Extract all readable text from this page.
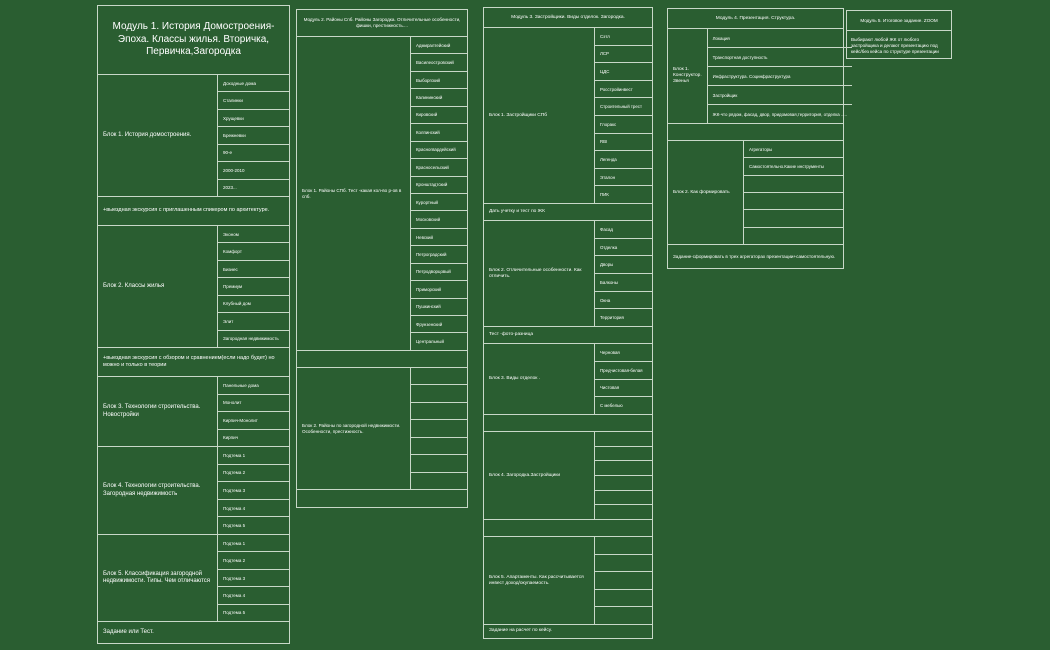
Модуль 1. История Домостроения-Эпоха. Классы жилья. Вторичка, Первичка,Загородка
Блок 1. История домостроения.
Доходные дома
Сталинки
Хрущевки
Брежневки
90-е
2000-2010
2023...
+выездная экскурсия с приглашенным спикером по архитектуре.
Блок 2. Классы жилья
Эконом
Комфорт
Бизнес
Премиум
Клубный дом
Элит
Загородная недвижимость
+выездная экскурсия с обзором и сравнением(если надо будет) но можно и только в теории
Блок 3. Технологии строительства. Новостройки
Панельные дома
Монолит
Кирпич-Монолит
Кирпич
Блок 4. Технологии строительства. Загородная недвижимость
Подтема 1
Подтема 2
Подтема 3
Подтема 4
Подтема 5
Блок 5. Классификация загородной недвижимости. Типы. Чем отличаются
Подтема 1
Подтема 2
Подтема 3
Подтема 4
Подтема 5
Задание или Тест.
Модуль 2. Районы Спб. Районы Загородка. Отличительные особенности, фишки, престижность....
Блок 1. Районы СПб. Тест -какая кол-во р-ов в спб.
Адмиралтейский
Василеостровский
Выборгский
Калининский
Кировский
Колпинский
Красногвардейский
Красносельский
Кронштадтский
Курортный
Московский
Невский
Петроградский
Петродворцовый
Приморский
Пушкинский
Фрунзенский
Центральный
Блок 2. Районы по загородной недвижимости. Особенности, престижность.
Модуль 3. Застройщики. Виды отделок. Загородка.
Блок 1. Застройщики СПб
Сэтл
ЛСР
ЦДС
Росстройинвест
Строительный трест
Глоракс
RBI
Легенда
Эталон
ПИК
Дать учетку и тест по ЖК
Блок 2. Отличительные особенности. Как отличить.
Фасад
Отделка
Дворы
Балконы
Окна
Территория
Тест -фото-разница
Блок 3. Виды отделок .
Черновая
Предчистовая-белая
Чистовая
С мебелью
Блок 4. Загородка.Застройщики
Блок 5. Апартаменты. Как рассчитывается инвест доход/окупаемость.
Задание на расчет по кейсу.
Модуль 4. Презентация. Структура.
Блок 1. Конструктор. Звенья
Локация
Транспортная доступность
Инфраструктура. Социнфраструктура
Застройщик
ЖК-что рядом, фасад, двор, придомовая,территория, отделка .....
Блок 2. Как формировать
Агрегаторы
Самостоятельно.Какие инструменты
Задание-сформировать в трех агрегаторах презентации+самостоятельную.
Модуль 5. Итоговое задание. ZOOM
Выбирают любой ЖК от любого застройщика и делают презентацию под кейс/без кейса по структуре презентации
